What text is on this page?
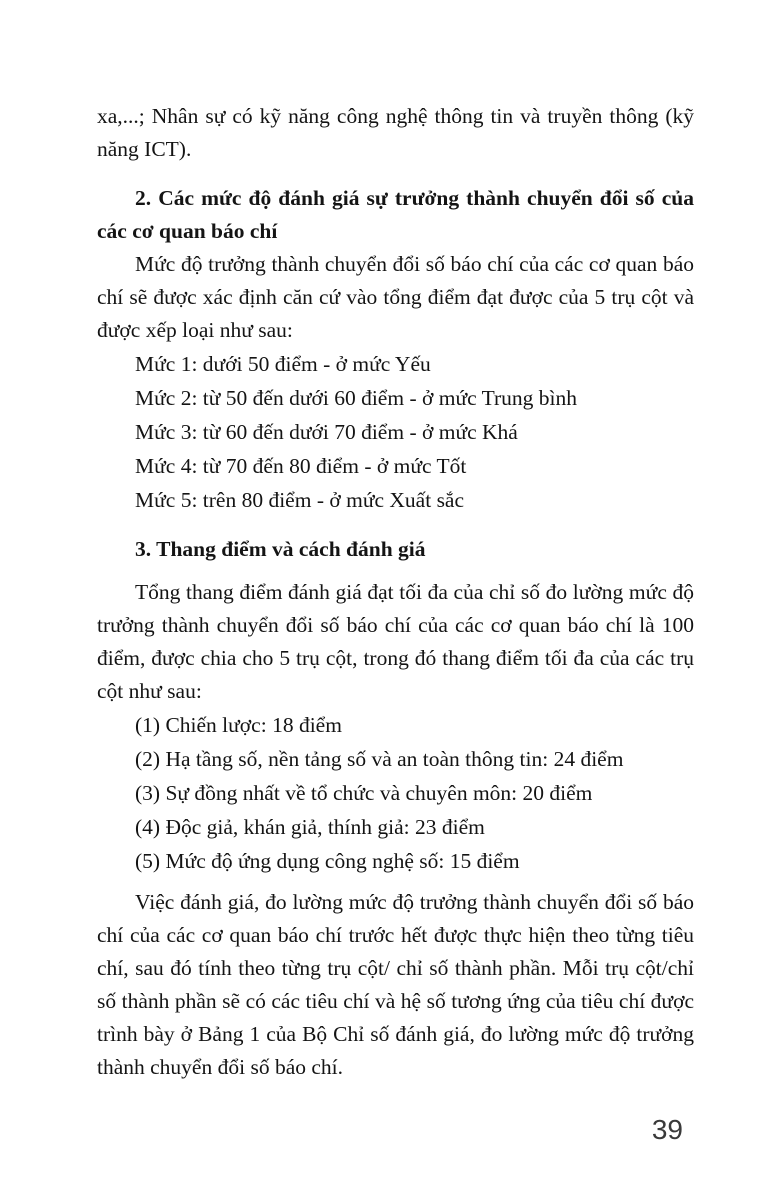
xa,...; Nhân sự có kỹ năng công nghệ thông tin và truyền thông (kỹ năng ICT).

2. Các mức độ đánh giá sự trưởng thành chuyển đổi số của các cơ quan báo chí

Mức độ trưởng thành chuyển đổi số báo chí của các cơ quan báo chí sẽ được xác định căn cứ vào tổng điểm đạt được của 5 trụ cột và được xếp loại như sau:

Mức 1: dưới 50 điểm - ở mức Yếu
Mức 2: từ 50 đến dưới 60 điểm - ở mức Trung bình
Mức 3: từ 60 đến dưới 70 điểm - ở mức Khá
Mức 4: từ 70 đến 80 điểm - ở mức Tốt
Mức 5: trên 80 điểm - ở mức Xuất sắc
3. Thang điểm và cách đánh giá

Tổng thang điểm đánh giá đạt tối đa của chỉ số đo lường mức độ trưởng thành chuyển đổi số báo chí của các cơ quan báo chí là 100 điểm, được chia cho 5 trụ cột, trong đó thang điểm tối đa của các trụ cột như sau:

(1) Chiến lược: 18 điểm
(2) Hạ tầng số, nền tảng số và an toàn thông tin: 24 điểm
(3) Sự đồng nhất về tổ chức và chuyên môn: 20 điểm
(4) Độc giả, khán giả, thính giả: 23 điểm
(5) Mức độ ứng dụng công nghệ số: 15 điểm

Việc đánh giá, đo lường mức độ trưởng thành chuyển đổi số báo chí của các cơ quan báo chí trước hết được thực hiện theo từng tiêu chí, sau đó tính theo từng trụ cột/ chỉ số thành phần. Mỗi trụ cột/chỉ số thành phần sẽ có các tiêu chí và hệ số tương ứng của tiêu chí được trình bày ở Bảng 1 của Bộ Chỉ số đánh giá, đo lường mức độ trưởng thành chuyển đổi số báo chí.

39
